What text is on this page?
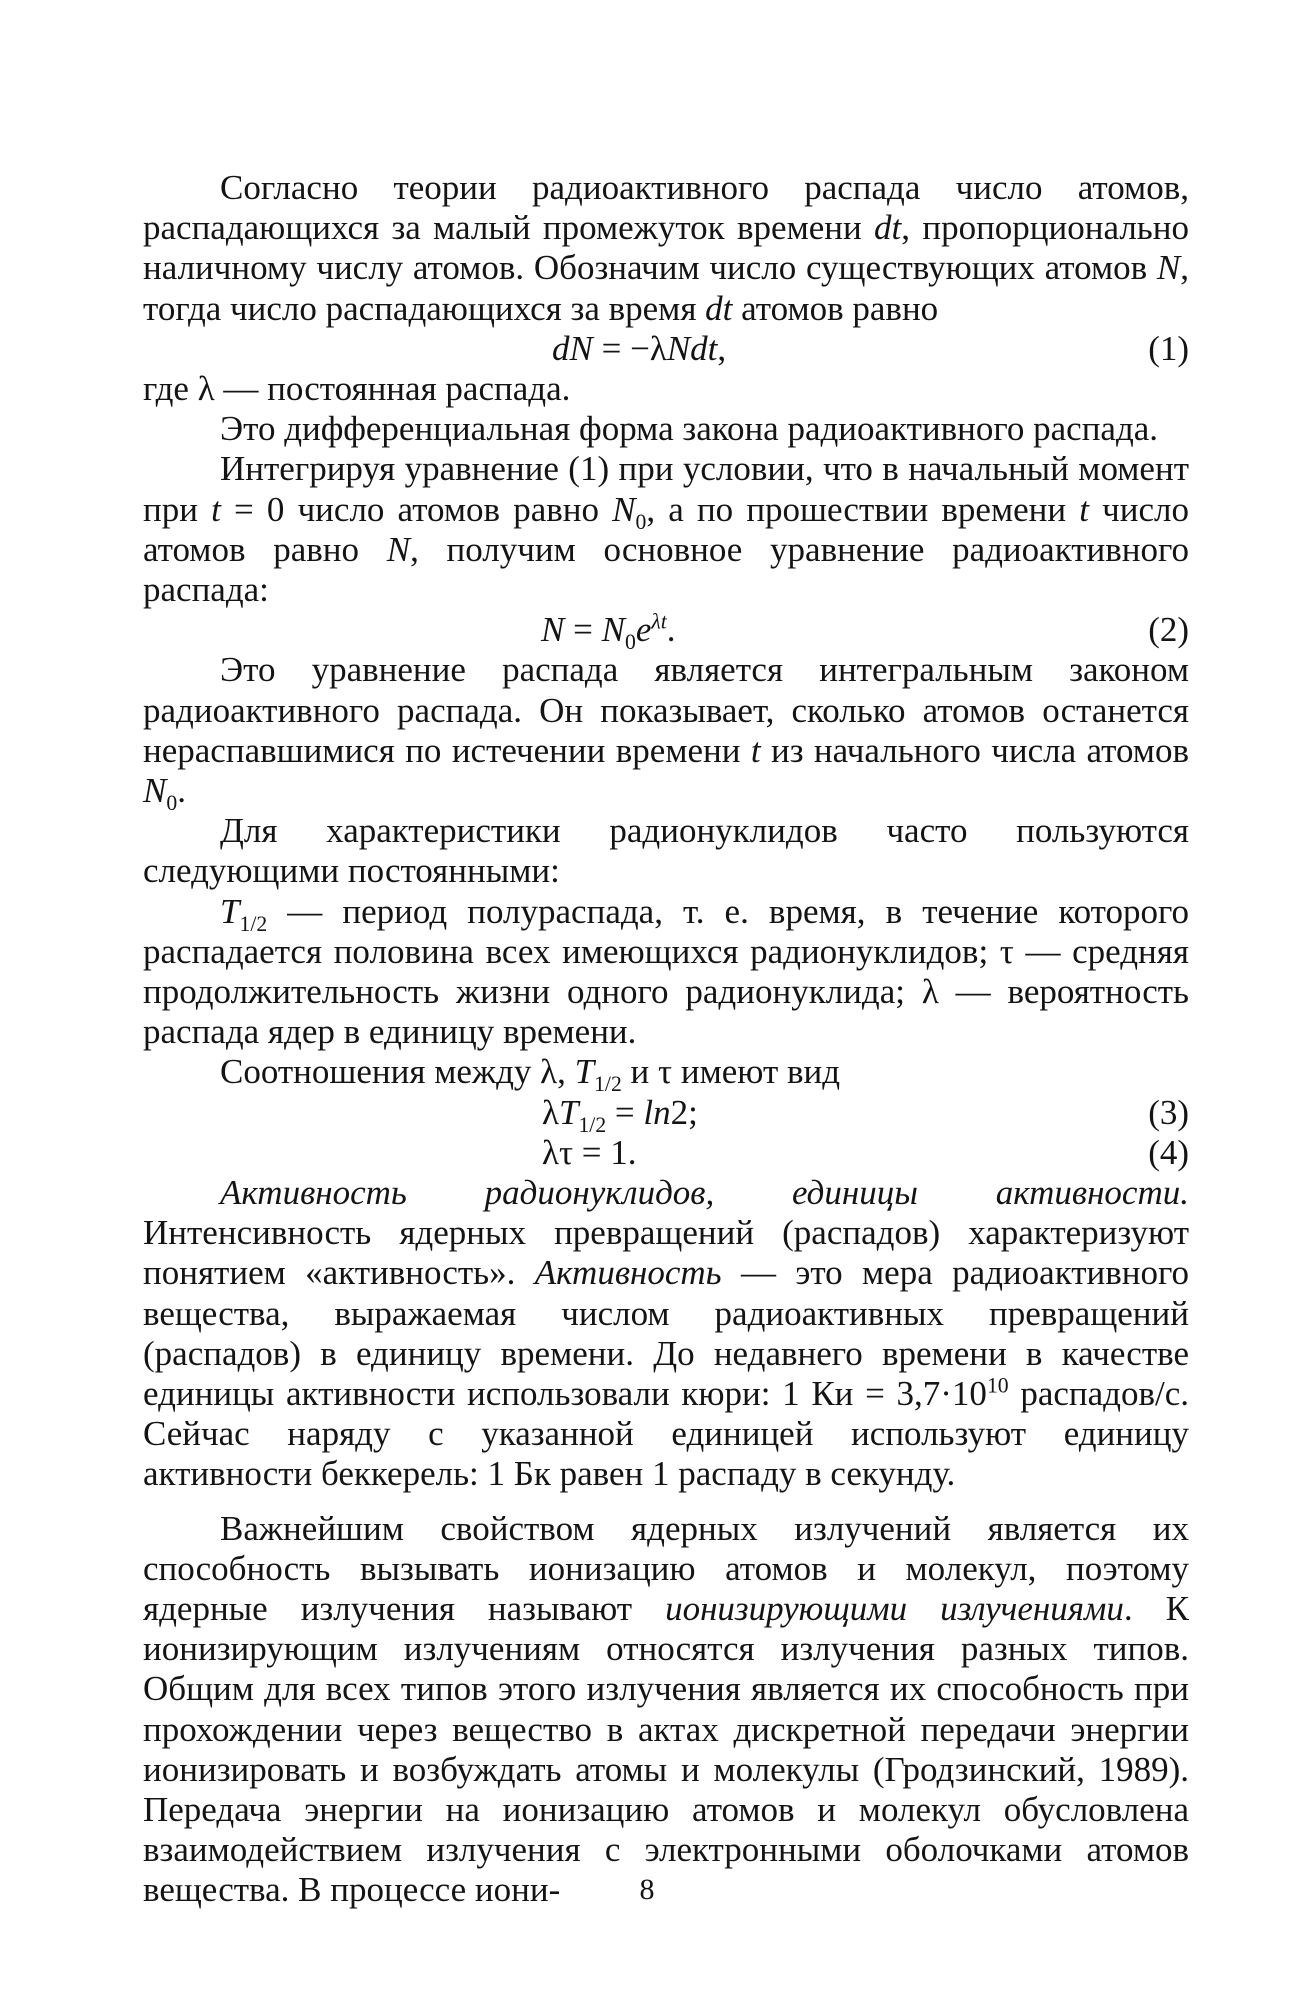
Согласно теории радиоактивного распада число атомов, распадающихся за малый промежуток времени dt, пропорционально наличному числу атомов. Обозначим число существующих атомов N, тогда число распадающихся за время dt атомов равно

dN = −λNdt,	(1)

где λ — постоянная распада.

Это дифференциальная форма закона радиоактивного распада.

Интегрируя уравнение (1) при условии, что в начальный момент при t = 0 число атомов равно $N_0$, а по прошествии времени t число атомов равно N, получим основное уравнение радиоактивного распада:

$N = N_0e^{\lambda t}$.	(2)

Это уравнение распада является интегральным законом радиоактивного распада. Он показывает, сколько атомов останется нераспавшимися по истечении времени t из начального числа атомов $N_0$.

Для характеристики радионуклидов часто пользуются следующими постоянными:

$T_{1/2}$ — период полураспада, т. е. время, в течение которого распадается половина всех имеющихся радионуклидов; τ — средняя продолжительность жизни одного радионуклида; λ — вероятность распада ядер в единицу времени.

Соотношения между λ, $T_{1/2}$ и τ имеют вид

$\lambda T_{1/2} = \ln 2$;	(3)
λτ = 1.	(4)

Активность радионуклидов, единицы активности. Интенсивность ядерных превращений (распадов) характеризуют понятием «активность». Активность — это мера радиоактивного вещества, выражаемая числом радиоактивных превращений (распадов) в единицу времени. До недавнего времени в качестве единицы активности использовали кюри: 1 Ки = $3,7\cdot 10^{10}$ распадов/с. Сейчас наряду с указанной единицей используют единицу активности беккерель: 1 Бк равен 1 распаду в секунду.

Важнейшим свойством ядерных излучений является их способность вызывать ионизацию атомов и молекул, поэтому ядерные излучения называют ионизирующими излучениями. К ионизирующим излучениям относятся излучения разных типов. Общим для всех типов этого излучения является их способность при прохождении через вещество в актах дискретной передачи энергии ионизировать и возбуждать атомы и молекулы (Гродзинский, 1989). Передача энергии на ионизацию атомов и молекул обусловлена взаимодействием излучения с электронными оболочками атомов вещества. В процессе иони-	8
